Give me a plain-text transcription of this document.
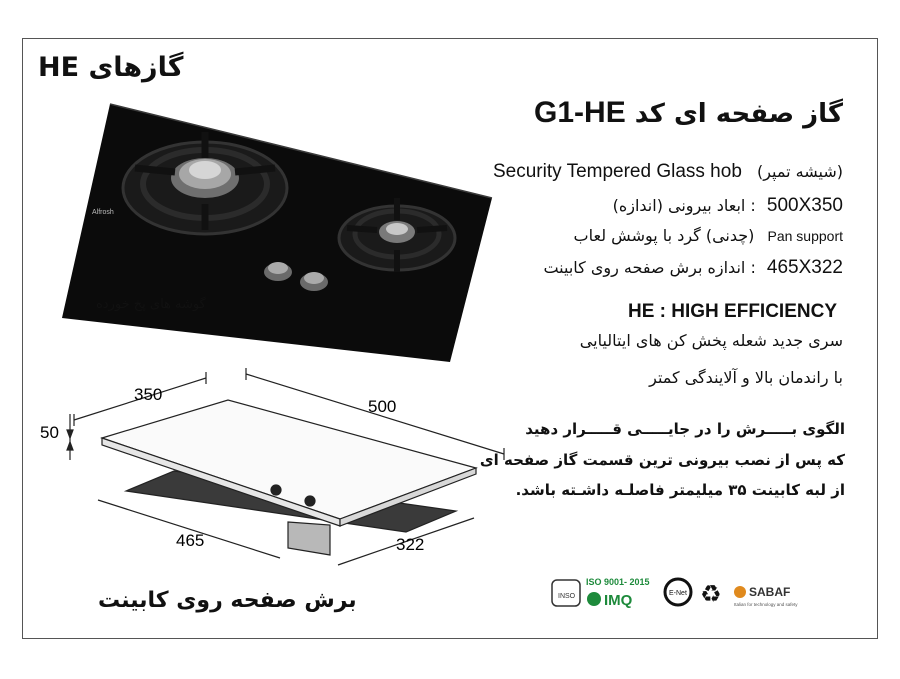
گازهای HE
Alfrosh
گوشه های پخ خورده
گاز صفحه ای کد G1-HE
(شیشه تمپر) Security Tempered Glass hob
500X350 : ابعاد بیرونی (اندازه)
Pan support (چدنی) گرد با پوشش لعاب
465X322 : اندازه برش صفحه روی کابینت
HE : HIGH EFFICIENCY
سری جدید شعله پخش کن های ایتالیایی
با راندمان بالا و آلایندگی کمتر
الگوی بـــــرش را در جایـــــی قـــــرار دهید
که پس از نصب بیرونی ترین قسمت گاز صفحه ای
از لبه کابینت ۳۵ میلیمتر فاصلـه داشـته باشد.
350
500
50
465	322
برش صفحه روی کابینت	INSO
ISO 9001- 2015
IMQ	E-Net ♻ SABAF
Italian for technology and safety
